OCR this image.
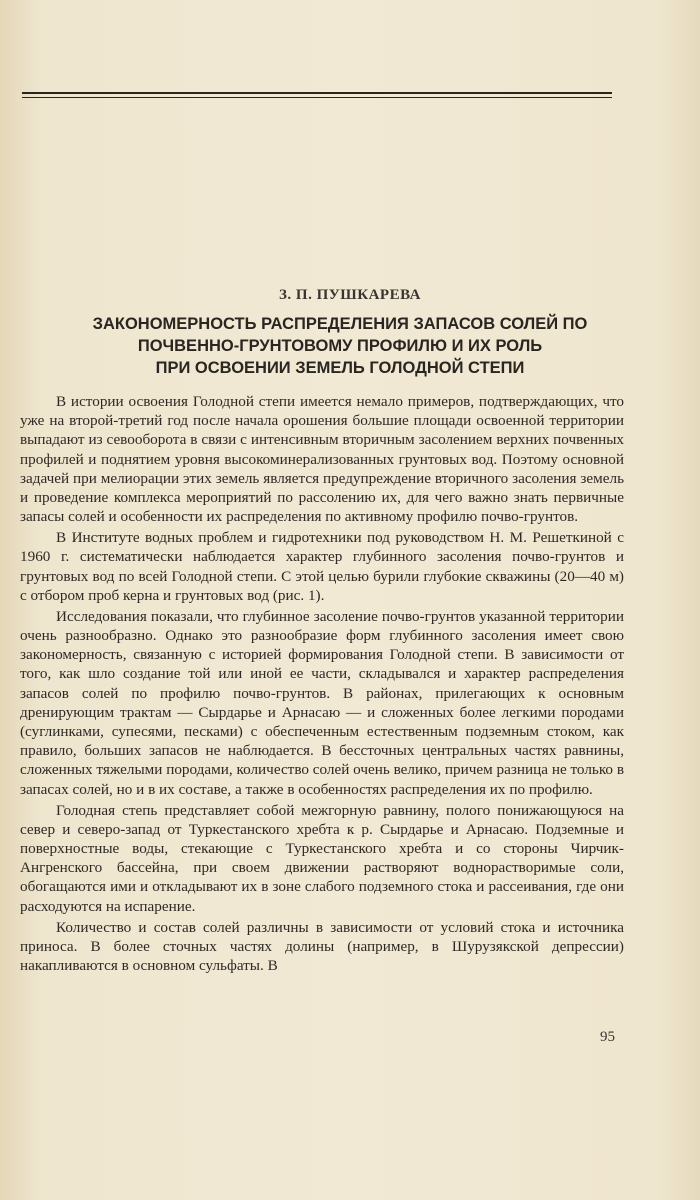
З. П. ПУШКАРЕВА
ЗАКОНОМЕРНОСТЬ РАСПРЕДЕЛЕНИЯ ЗАПАСОВ СОЛЕЙ ПО
ПОЧВЕННО-ГРУНТОВОМУ ПРОФИЛЮ И ИХ РОЛЬ
ПРИ ОСВОЕНИИ ЗЕМЕЛЬ ГОЛОДНОЙ СТЕПИ

В истории освоения Голодной степи имеется немало примеров, подтверждающих, что уже на второй-третий год после начала орошения большие площади освоенной территории выпадают из севооборота в связи с интенсивным вторичным засолением верхних почвенных профилей и поднятием уровня высокоминерализованных грунтовых вод. Поэтому основной задачей при мелиорации этих земель является предупреждение вторичного засоления земель и проведение комплекса мероприятий по рассолению их, для чего важно знать первичные запасы солей и особенности их распределения по активному профилю почво-грунтов.

В Институте водных проблем и гидротехники под руководством Н. М. Решеткиной с 1960 г. систематически наблюдается характер глубинного засоления почво-грунтов и грунтовых вод по всей Голодной степи. С этой целью бурили глубокие скважины (20—40 м) с отбором проб керна и грунтовых вод (рис. 1).

Исследования показали, что глубинное засоление почво-грунтов указанной территории очень разнообразно. Однако это разнообразие форм глубинного засоления имеет свою закономерность, связанную с историей формирования Голодной степи. В зависимости от того, как шло создание той или иной ее части, складывался и характер распределения запасов солей по профилю почво-грунтов. В районах, прилегающих к основным дренирующим трактам — Сырдарье и Арнасаю — и сложенных более легкими породами (суглинками, супесями, песками) с обеспеченным естественным подземным стоком, как правило, больших запасов не наблюдается. В бессточных центральных частях равнины, сложенных тяжелыми породами, количество солей очень велико, причем разница не только в запасах солей, но и в их составе, а также в особенностях распределения их по профилю.

Голодная степь представляет собой межгорную равнину, полого понижающуюся на север и северо-запад от Туркестанского хребта к р. Сырдарье и Арнасаю. Подземные и поверхностные воды, стекающие с Туркестанского хребта и со стороны Чирчик-Ангренского бассейна, при своем движении растворяют воднорастворимые соли, обогащаются ими и откладывают их в зоне слабого подземного стока и рассеивания, где они расходуются на испарение.

Количество и состав солей различны в зависимости от условий стока и источника приноса. В более сточных частях долины (например, в Шурузякской депрессии) накапливаются в основном сульфаты. В

95
